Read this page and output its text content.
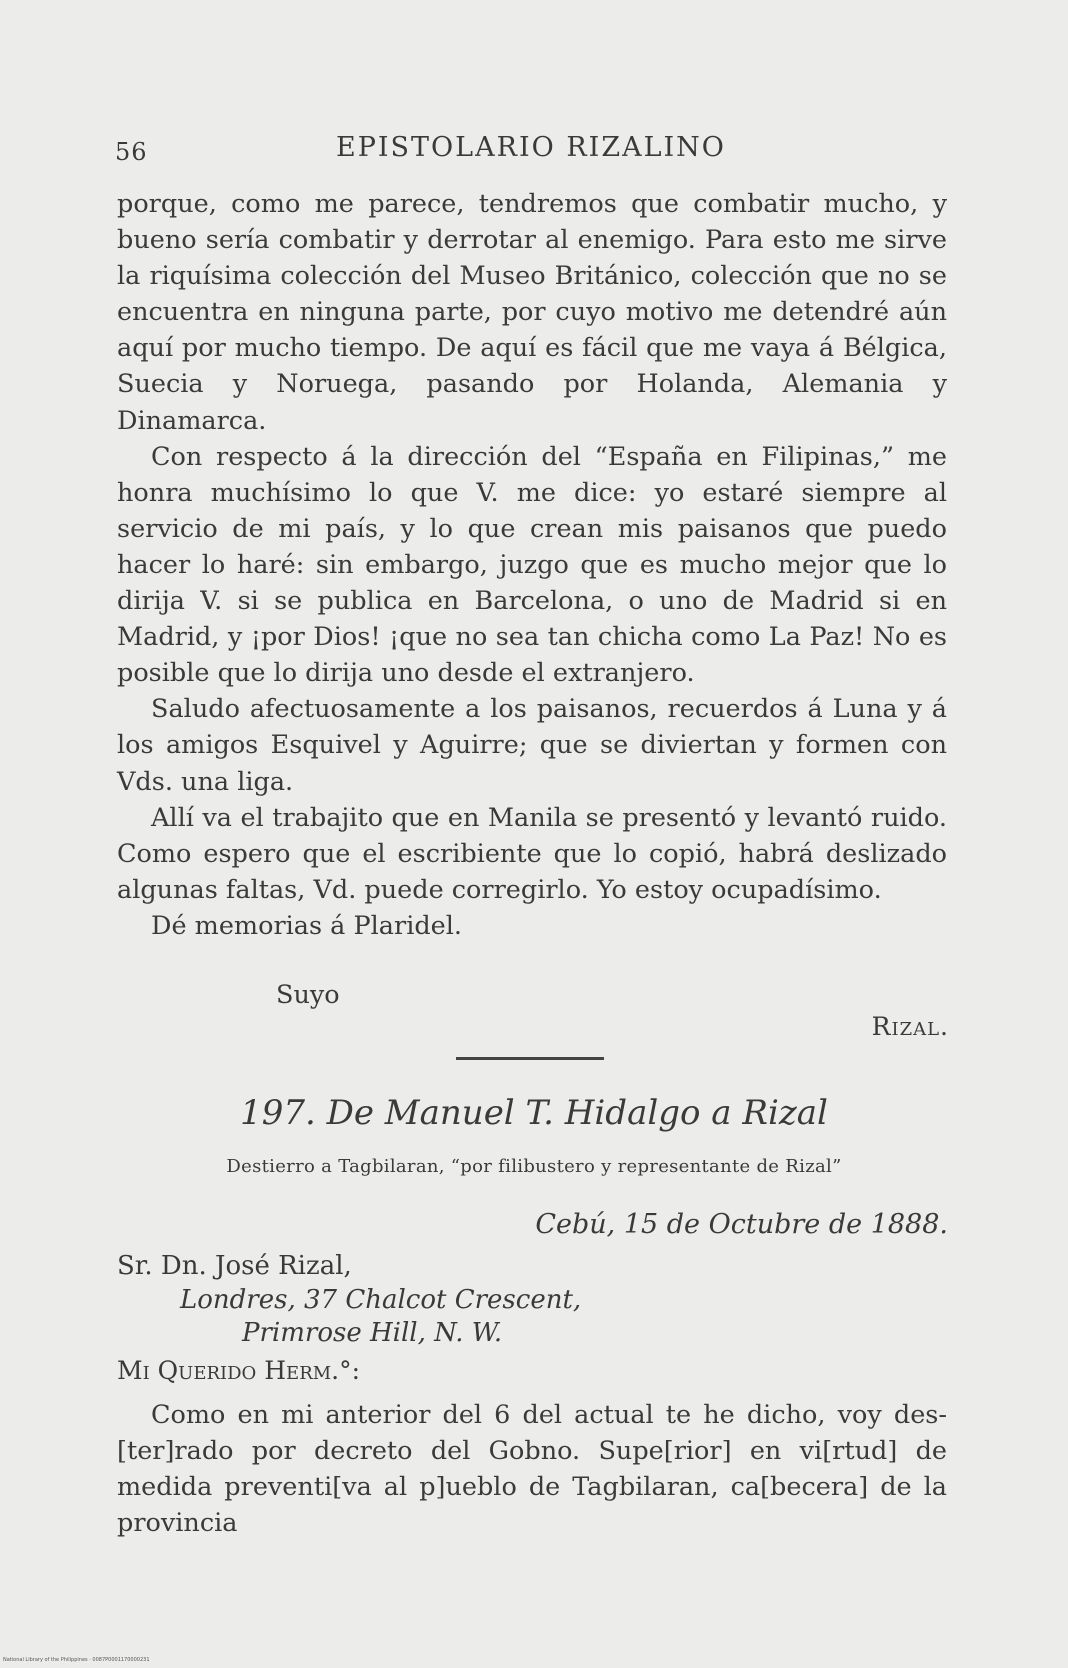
56	EPISTOLARIO RIZALINO

porque, como me parece, tendremos que combatir mucho, y bueno sería combatir y derrotar al enemigo. Para esto me sirve la riquísima colección del Museo Británico, colección que no se encuentra en ninguna parte, por cuyo motivo me detendré aún aquí por mucho tiempo. De aquí es fácil que me vaya á Bélgica, Suecia y Noruega, pasando por Holanda, Alemania y Dinamarca.

Con respecto á la dirección del “España en Filipinas,” me honra muchísimo lo que V. me dice: yo estaré siempre al servicio de mi país, y lo que crean mis paisanos que puedo hacer lo haré: sin embargo, juzgo que es mucho mejor que lo dirija V. si se publica en Barcelona, o uno de Madrid si en Madrid, y ¡por Dios! ¡que no sea tan chicha como La Paz! No es posible que lo dirija uno desde el extranjero.

Saludo afectuosamente a los paisanos, recuerdos á Luna y á los amigos Esquivel y Aguirre; que se diviertan y formen con Vds. una liga.

Allí va el trabajito que en Manila se presentó y levantó ruido. Como espero que el escribiente que lo copió, habrá deslizado algunas faltas, Vd. puede corregirlo. Yo estoy ocupadísimo.

Dé memorias á Plaridel.

Suyo
Rizal.
197. De Manuel T. Hidalgo a Rizal
Destierro a Tagbilaran, “por filibustero y representante de Rizal”
Cebú, 15 de Octubre de 1888.
Sr. Dn. José Rizal,
Londres, 37 Chalcot Crescent,
Primrose Hill, N. W.
Mi Querido Herm.°:

Como en mi anterior del 6 del actual te he dicho, voy des-[ter]rado por decreto del Gobno. Supe[rior] en vi[rtud] de medida preventi[va al p]ueblo de Tagbilaran, ca[becera] de la provincia

National Library of the Philippines · 0087P0001170000231
